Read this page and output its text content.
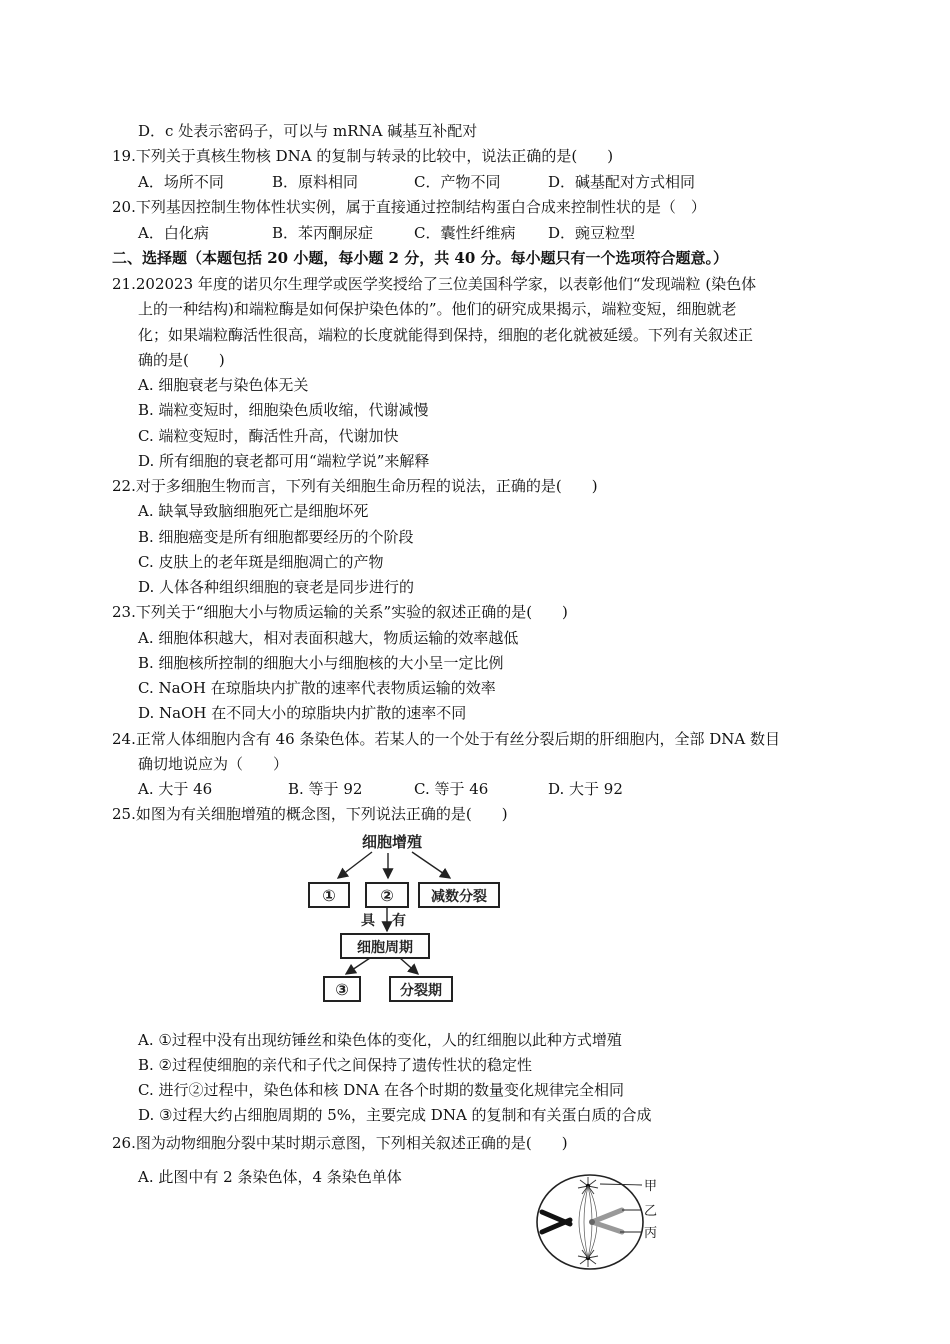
D．c 处表示密码子，可以与 mRNA 碱基互补配对
19.下列关于真核生物核 DNA 的复制与转录的比较中，说法正确的是(　　)
A．场所不同	B．原料相同	C．产物不同	D．碱基配对方式相同
20.下列基因控制生物体性状实例，属于直接通过控制结构蛋白合成来控制性状的是（　）
A．白化病	B．苯丙酮尿症	C．囊性纤维病 D．豌豆粒型
二、选择题（本题包括 20 小题，每小题 2 分，共 40 分。每小题只有一个选项符合题意。）
21.202023 年度的诺贝尔生理学或医学奖授给了三位美国科学家，以表彰他们“发现端粒 (染色体
上的一种结构)和端粒酶是如何保护染色体的”。他们的研究成果揭示，端粒变短，细胞就老
化；如果端粒酶活性很高，端粒的长度就能得到保持，细胞的老化就被延缓。下列有关叙述正
确的是(　　)
A. 细胞衰老与染色体无关
B. 端粒变短时，细胞染色质收缩，代谢减慢
C. 端粒变短时，酶活性升高，代谢加快
D. 所有细胞的衰老都可用“端粒学说”来解释
22.对于多细胞生物而言，下列有关细胞生命历程的说法，正确的是(　　)
A. 缺氧导致脑细胞死亡是细胞坏死
B. 细胞癌变是所有细胞都要经历的个阶段
C. 皮肤上的老年斑是细胞凋亡的产物
D. 人体各种组织细胞的衰老是同步进行的
23.下列关于“细胞大小与物质运输的关系”实验的叙述正确的是(　　)
A. 细胞体积越大，相对表面积越大，物质运输的效率越低
B. 细胞核所控制的细胞大小与细胞核的大小呈一定比例
C. NaOH 在琼脂块内扩散的速率代表物质运输的效率
D. NaOH 在不同大小的琼脂块内扩散的速率不同
24.正常人体细胞内含有 46 条染色体。若某人的一个处于有丝分裂后期的肝细胞内，全部 DNA 数目
确切地说应为（　　）
A. 大于 46	B. 等于 92	C. 等于 46	D. 大于 92
25.如图为有关细胞增殖的概念图，下列说法正确的是(　　)
细胞增殖
①	②	减数分裂
具 有
细胞周期
③	分裂期
A. ①过程中没有出现纺锤丝和染色体的变化，人的红细胞以此种方式增殖
B. ②过程使细胞的亲代和子代之间保持了遗传性状的稳定性
C. 进行②过程中，染色体和核 DNA 在各个时期的数量变化规律完全相同
D. ③过程大约占细胞周期的 5%，主要完成 DNA 的复制和有关蛋白质的合成
26.图为动物细胞分裂中某时期示意图，下列相关叙述正确的是(　　)
A. 此图中有 2 条染色体，4 条染色单体
甲
乙
丙
